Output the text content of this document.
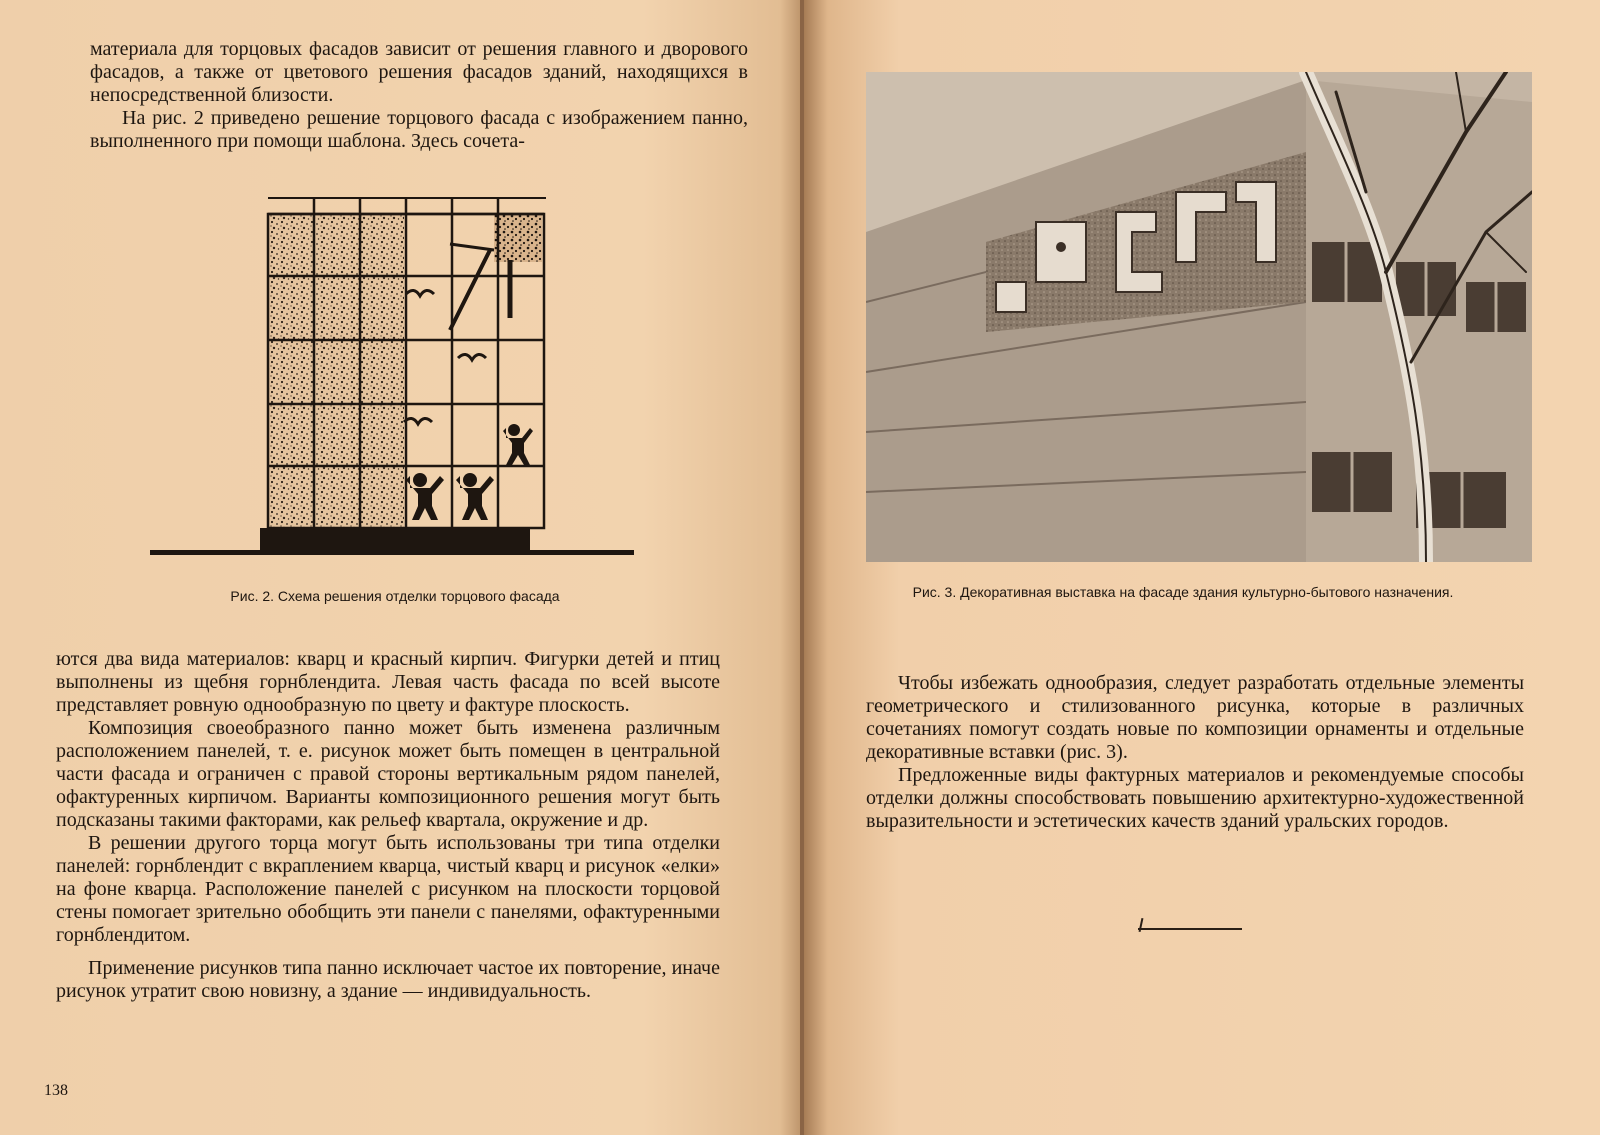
материала для торцовых фасадов зависит от решения главного и дворового фасадов, а также от цветового решения фасадов зданий, находящихся в непосредственной близости.

На рис. 2 приведено решение торцового фасада с изображением панно, выполненного при помощи шаблона. Здесь сочета-

Рис. 2. Схема решения отделки торцового фасада

ются два вида материалов: кварц и красный кирпич. Фигурки детей и птиц выполнены из щебня горнблендита. Левая часть фасада по всей высоте представляет ровную однообразную по цвету и фактуре плоскость.

Композиция своеобразного панно может быть изменена различным расположением панелей, т. е. рисунок может быть помещен в центральной части фасада и ограничен с правой стороны вертикальным рядом панелей, офактуренных кирпичом. Варианты композиционного решения могут быть подсказаны такими факторами, как рельеф квартала, окружение и др.

В решении другого торца могут быть использованы три типа отделки панелей: горнблендит с вкраплением кварца, чистый кварц и рисунок «елки» на фоне кварца. Расположение панелей с рисунком на плоскости торцовой стены помогает зрительно обобщить эти панели с панелями, офактуренными горнблендитом.

Применение рисунков типа панно исключает частое их повторение, иначе рисунок утратит свою новизну, а здание — индивидуальность.

138
Рис. 3. Декоративная выставка на фасаде здания культурно-бытового назначения.

Чтобы избежать однообразия, следует разработать отдельные элементы геометрического и стилизованного рисунка, которые в различных сочетаниях помогут создать новые по композиции орнаменты и отдельные декоративные вставки (рис. 3).

Предложенные виды фактурных материалов и рекомендуемые способы отделки должны способствовать повышению архитектурно-художественной выразительности и эстетических качеств зданий уральских городов.
